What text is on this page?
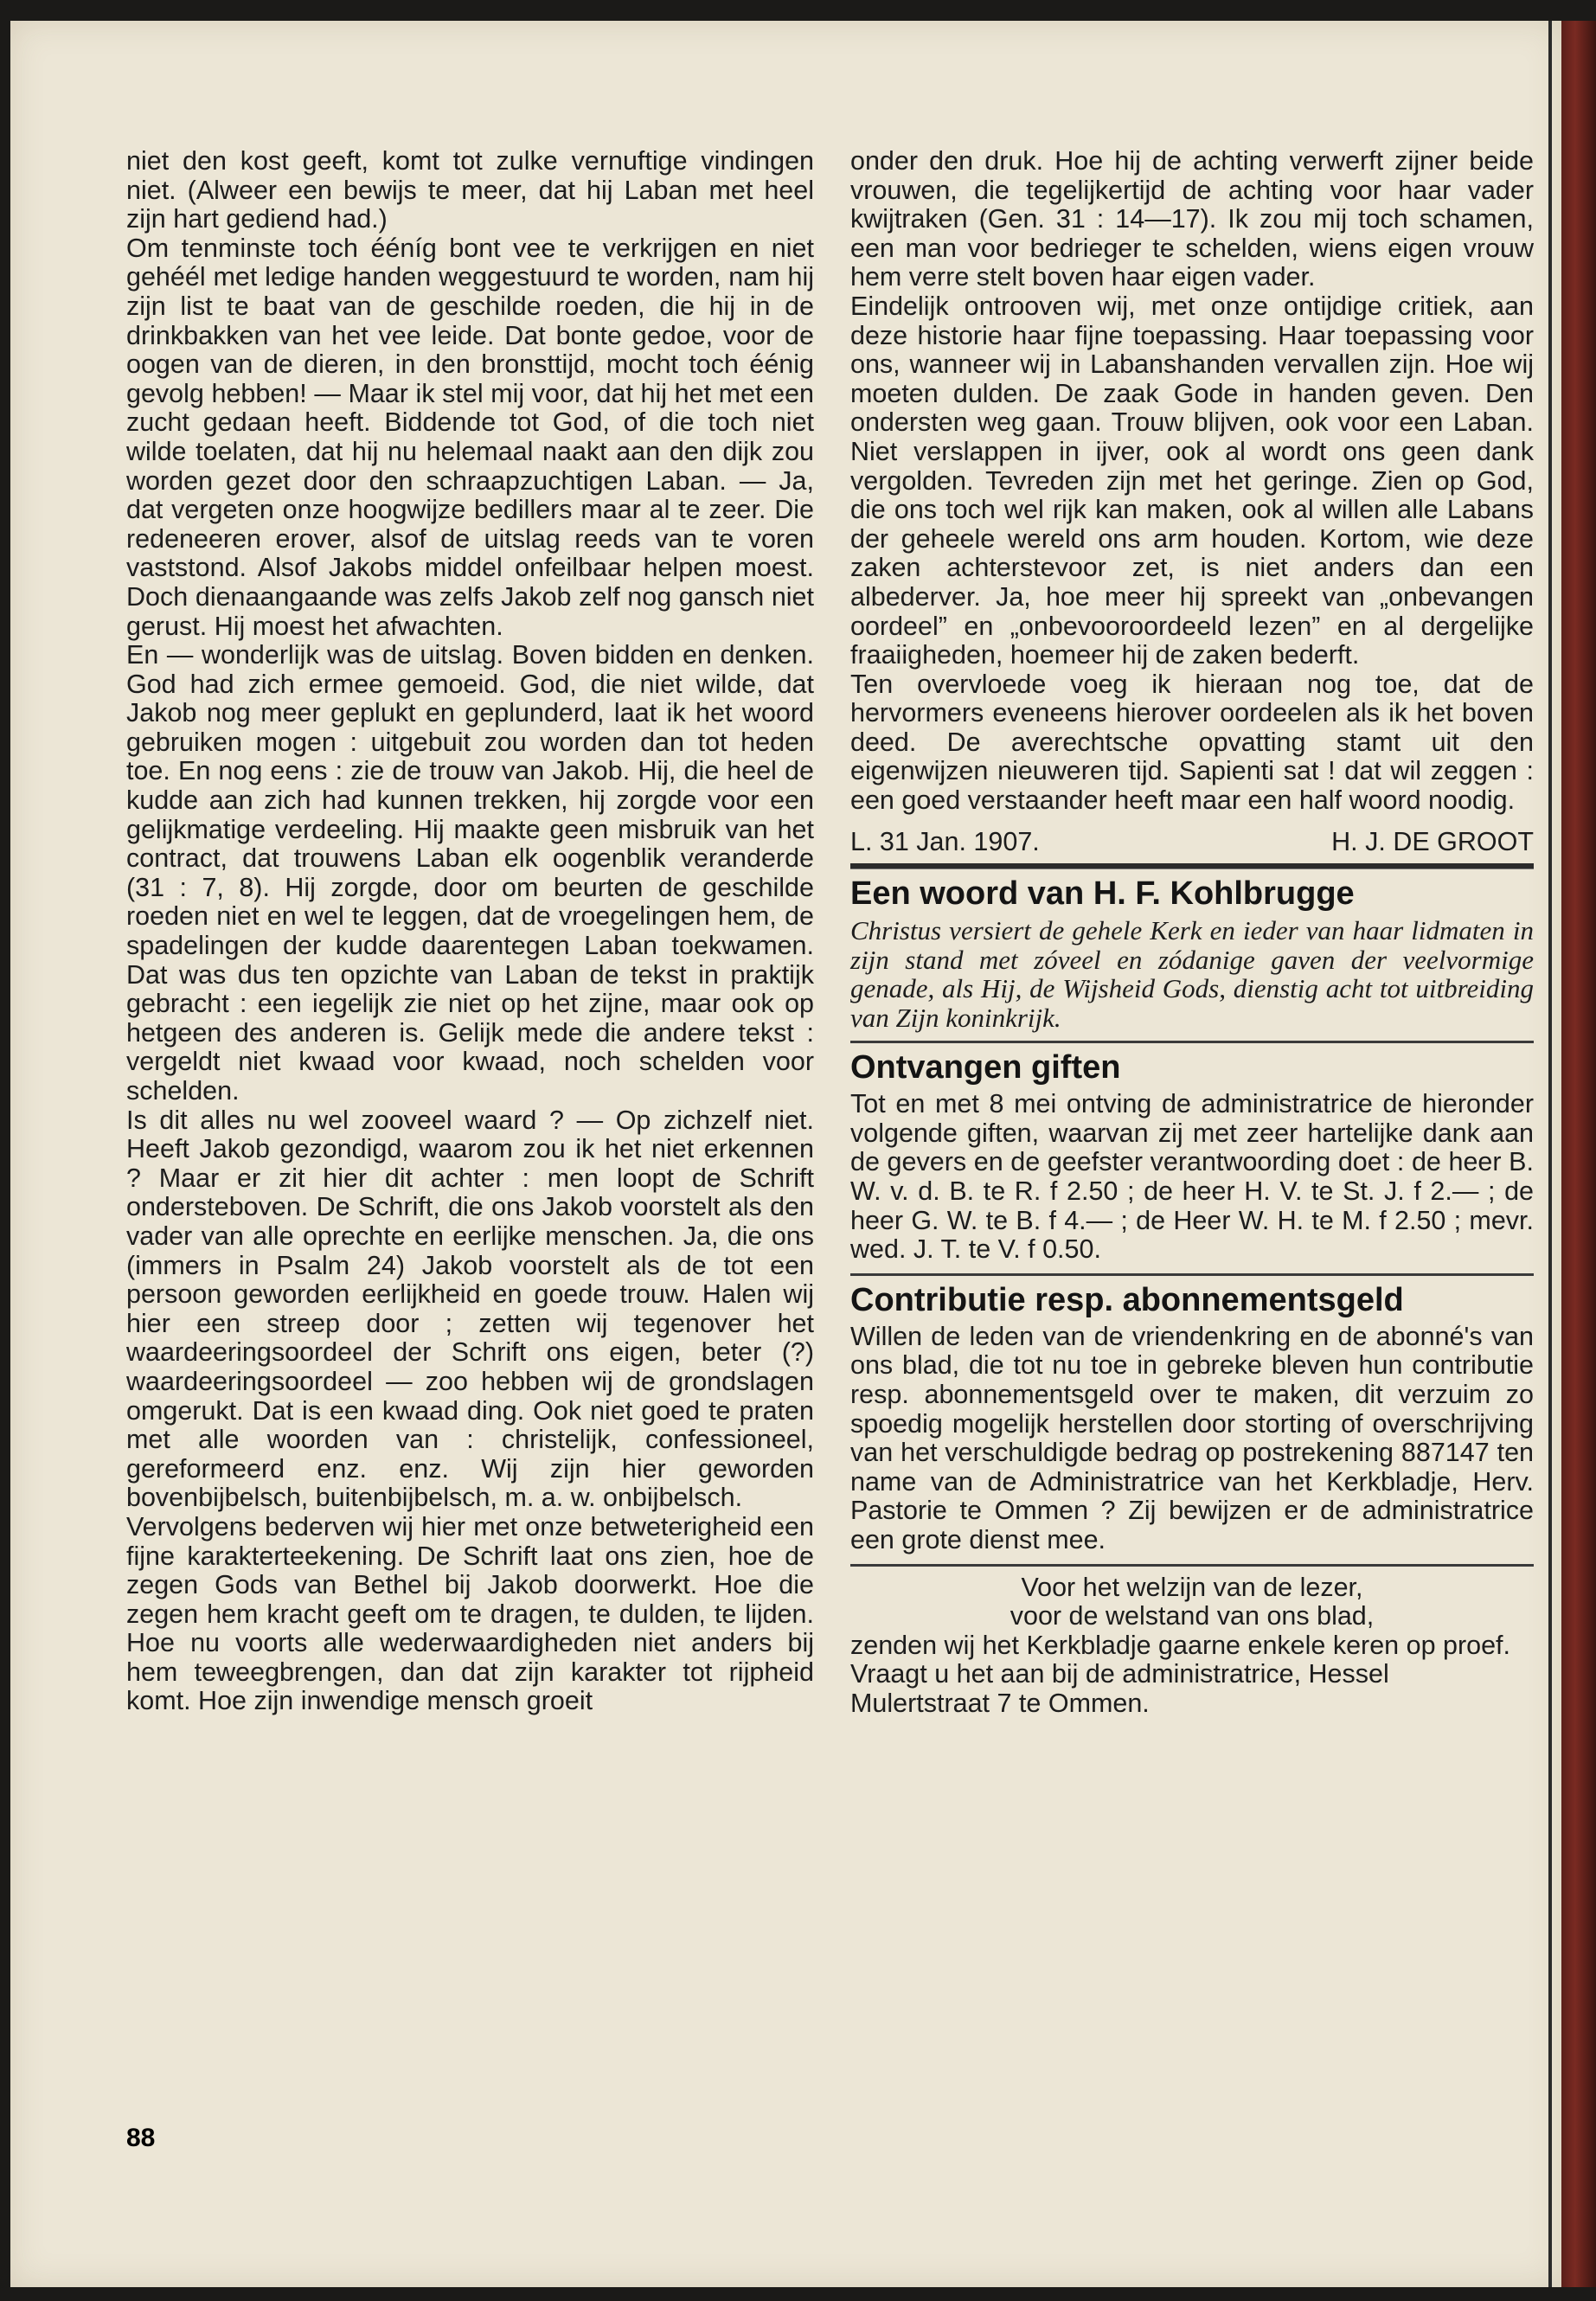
niet den kost geeft, komt tot zulke vernuftige vindingen niet. (Alweer een bewijs te meer, dat hij Laban met heel zijn hart gediend had.)

Om tenminste toch ééníg bont vee te verkrijgen en niet gehéél met ledige handen weggestuurd te worden, nam hij zijn list te baat van de geschilde roeden, die hij in de drinkbakken van het vee leide. Dat bonte gedoe, voor de oogen van de dieren, in den bronsttijd, mocht toch éénig gevolg hebben! — Maar ik stel mij voor, dat hij het met een zucht gedaan heeft. Biddende tot God, of die toch niet wilde toelaten, dat hij nu helemaal naakt aan den dijk zou worden gezet door den schraapzuchtigen Laban. — Ja, dat vergeten onze hoogwijze bedillers maar al te zeer. Die redeneeren erover, alsof de uitslag reeds van te voren vaststond. Alsof Jakobs middel onfeilbaar helpen moest. Doch dienaangaande was zelfs Jakob zelf nog gansch niet gerust. Hij moest het afwachten.

En — wonderlijk was de uitslag. Boven bidden en denken. God had zich ermee gemoeid. God, die niet wilde, dat Jakob nog meer geplukt en geplunderd, laat ik het woord gebruiken mogen : uitgebuit zou worden dan tot heden toe. En nog eens : zie de trouw van Jakob. Hij, die heel de kudde aan zich had kunnen trekken, hij zorgde voor een gelijkmatige verdeeling. Hij maakte geen misbruik van het contract, dat trouwens Laban elk oogenblik veranderde (31 : 7, 8). Hij zorgde, door om beurten de geschilde roeden niet en wel te leggen, dat de vroegelingen hem, de spadelingen der kudde daarentegen Laban toekwamen. Dat was dus ten opzichte van Laban de tekst in praktijk gebracht : een iegelijk zie niet op het zijne, maar ook op hetgeen des anderen is. Gelijk mede die andere tekst : vergeldt niet kwaad voor kwaad, noch schelden voor schelden.

Is dit alles nu wel zooveel waard ? — Op zichzelf niet. Heeft Jakob gezondigd, waarom zou ik het niet erkennen ? Maar er zit hier dit achter : men loopt de Schrift ondersteboven. De Schrift, die ons Jakob voorstelt als den vader van alle oprechte en eerlijke menschen. Ja, die ons (immers in Psalm 24) Jakob voorstelt als de tot een persoon geworden eerlijkheid en goede trouw. Halen wij hier een streep door ; zetten wij tegenover het waardeeringsoordeel der Schrift ons eigen, beter (?) waardeeringsoordeel — zoo hebben wij de grondslagen omgerukt. Dat is een kwaad ding. Ook niet goed te praten met alle woorden van : christelijk, confessioneel, gereformeerd enz. enz. Wij zijn hier geworden bovenbijbelsch, buitenbijbelsch, m. a. w. onbijbelsch.

Vervolgens bederven wij hier met onze betweterigheid een fijne karakterteekening. De Schrift laat ons zien, hoe de zegen Gods van Bethel bij Jakob doorwerkt. Hoe die zegen hem kracht geeft om te dragen, te dulden, te lijden. Hoe nu voorts alle wederwaardigheden niet anders bij hem teweegbrengen, dan dat zijn karakter tot rijpheid komt. Hoe zijn inwendige mensch groeit

88

onder den druk. Hoe hij de achting verwerft zijner beide vrouwen, die tegelijkertijd de achting voor haar vader kwijtraken (Gen. 31 : 14—17). Ik zou mij toch schamen, een man voor bedrieger te schelden, wiens eigen vrouw hem verre stelt boven haar eigen vader.

Eindelijk ontrooven wij, met onze ontijdige critiek, aan deze historie haar fijne toepassing. Haar toepassing voor ons, wanneer wij in Labanshanden vervallen zijn. Hoe wij moeten dulden. De zaak Gode in handen geven. Den ondersten weg gaan. Trouw blijven, ook voor een Laban. Niet verslappen in ijver, ook al wordt ons geen dank vergolden. Tevreden zijn met het geringe. Zien op God, die ons toch wel rijk kan maken, ook al willen alle Labans der geheele wereld ons arm houden. Kortom, wie deze zaken achterstevoor zet, is niet anders dan een albederver. Ja, hoe meer hij spreekt van „onbevangen oordeel” en „onbevooroordeeld lezen” en al dergelijke fraaiigheden, hoemeer hij de zaken bederft.

Ten overvloede voeg ik hieraan nog toe, dat de hervormers eveneens hierover oordeelen als ik het boven deed. De averechtsche opvatting stamt uit den eigenwijzen nieuweren tijd. Sapienti sat ! dat wil zeggen : een goed verstaander heeft maar een half woord noodig.

L. 31 Jan. 1907.	H. J. DE GROOT
Een woord van H. F. Kohlbrugge

Christus versiert de gehele Kerk en ieder van haar lidmaten in zijn stand met zóveel en zódanige gaven der veelvormige genade, als Hij, de Wijsheid Gods, dienstig acht tot uitbreiding van Zijn koninkrijk.

Ontvangen giften

Tot en met 8 mei ontving de administratrice de hieronder volgende giften, waarvan zij met zeer hartelijke dank aan de gevers en de geefster verantwoording doet : de heer B. W. v. d. B. te R. f 2.50 ; de heer H. V. te St. J. f 2.— ; de heer G. W. te B. f 4.— ; de Heer W. H. te M. f 2.50 ; mevr. wed. J. T. te V. f 0.50.

Contributie resp. abonnementsgeld

Willen de leden van de vriendenkring en de abonné's van ons blad, die tot nu toe in gebreke bleven hun contributie resp. abonnementsgeld over te maken, dit verzuim zo spoedig mogelijk herstellen door storting of overschrijving van het verschuldigde bedrag op postrekening 887147 ten name van de Administratrice van het Kerkbladje, Herv. Pastorie te Ommen ? Zij bewijzen er de administratrice een grote dienst mee.

Voor het welzijn van de lezer,
voor de welstand van ons blad,
zenden wij het Kerkbladje gaarne enkele keren op proef. Vraagt u het aan bij de administratrice, Hessel Mulertstraat 7 te Ommen.
